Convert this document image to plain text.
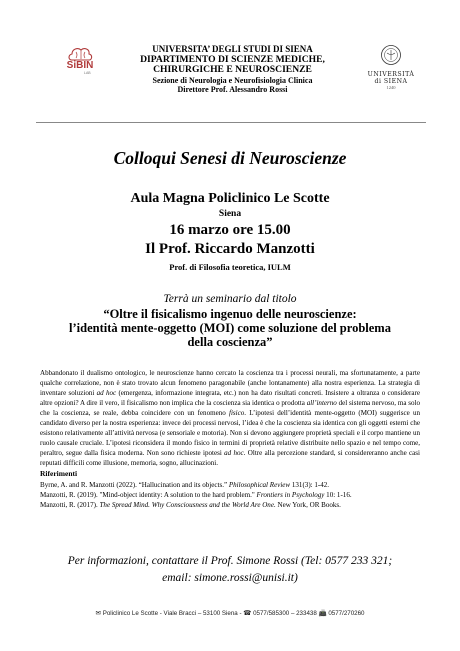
SiBIN
LAB
UNIVERSITA’ DEGLI STUDI DI SIENA
DIPARTIMENTO DI SCIENZE MEDICHE,
CHIRURGICHE E NEUROSCIENZE
Sezione di Neurologia e Neurofisiologia Clinica
Direttore Prof. Alessandro Rossi
UNIVERSITÀ
di SIENA
1240
Colloqui Senesi di Neuroscienze
Aula Magna Policlinico Le Scotte
Siena
16 marzo ore 15.00
Il Prof. Riccardo Manzotti
Prof. di Filosofia teoretica, IULM
Terrà un seminario dal titolo
“Oltre il fisicalismo ingenuo delle neuroscienze:
l’identità mente-oggetto (MOI) come soluzione del problema
della coscienza”
Abbandonato il dualismo ontologico, le neuroscienze hanno cercato la coscienza tra i processi neurali, ma sfortunatamente, a parte qualche correlazione, non è stato trovato alcun fenomeno paragonabile (anche lontanamente) alla nostra esperienza. La strategia di inventare soluzioni ad hoc (emergenza, informazione integrata, etc.) non ha dato risultati concreti. Insistere a oltranza o considerare altre opzioni? A dire il vero, il fisicalismo non implica che la coscienza sia identica o prodotta all’interno del sistema nervoso, ma solo che la coscienza, se reale, debba coincidere con un fenomeno fisico. L’ipotesi dell’identità mente-oggetto (MOI) suggerisce un candidato diverso per la nostra esperienza: invece dei processi nervosi, l’idea è che la coscienza sia identica con gli oggetti esterni che esistono relativamente all’attività nervosa (e sensoriale e motoria). Non si devono aggiungere proprietà speciali e il corpo mantiene un ruolo causale cruciale. L’ipotesi riconsidera il mondo fisico in termini di proprietà relative distribuite nello spazio e nel tempo come, peraltro, segue dalla fisica moderna. Non sono richieste ipotesi ad hoc. Oltre alla percezione standard, si considereranno anche casi reputati difficili come illusione, memoria, sogno, allucinazioni.
Riferimenti
Byrne, A. and R. Manzotti (2022). “Hallucination and its objects.” Philosophical Review 131(3): 1-42.
Manzotti, R. (2019). "Mind-object identity: A solution to the hard problem." Frontiers in Psychology 10: 1-16.
Manzotti, R. (2017). The Spread Mind. Why Consciousness and the World Are One. New York, OR Books.
Per informazioni, contattare il Prof. Simone Rossi (Tel: 0577 233 321;
email: simone.rossi@unisi.it)
✉ Policlinico Le Scotte - Viale Bracci – 53100 Siena - ☎ 0577/585300 – 233438 📠 0577/270260
